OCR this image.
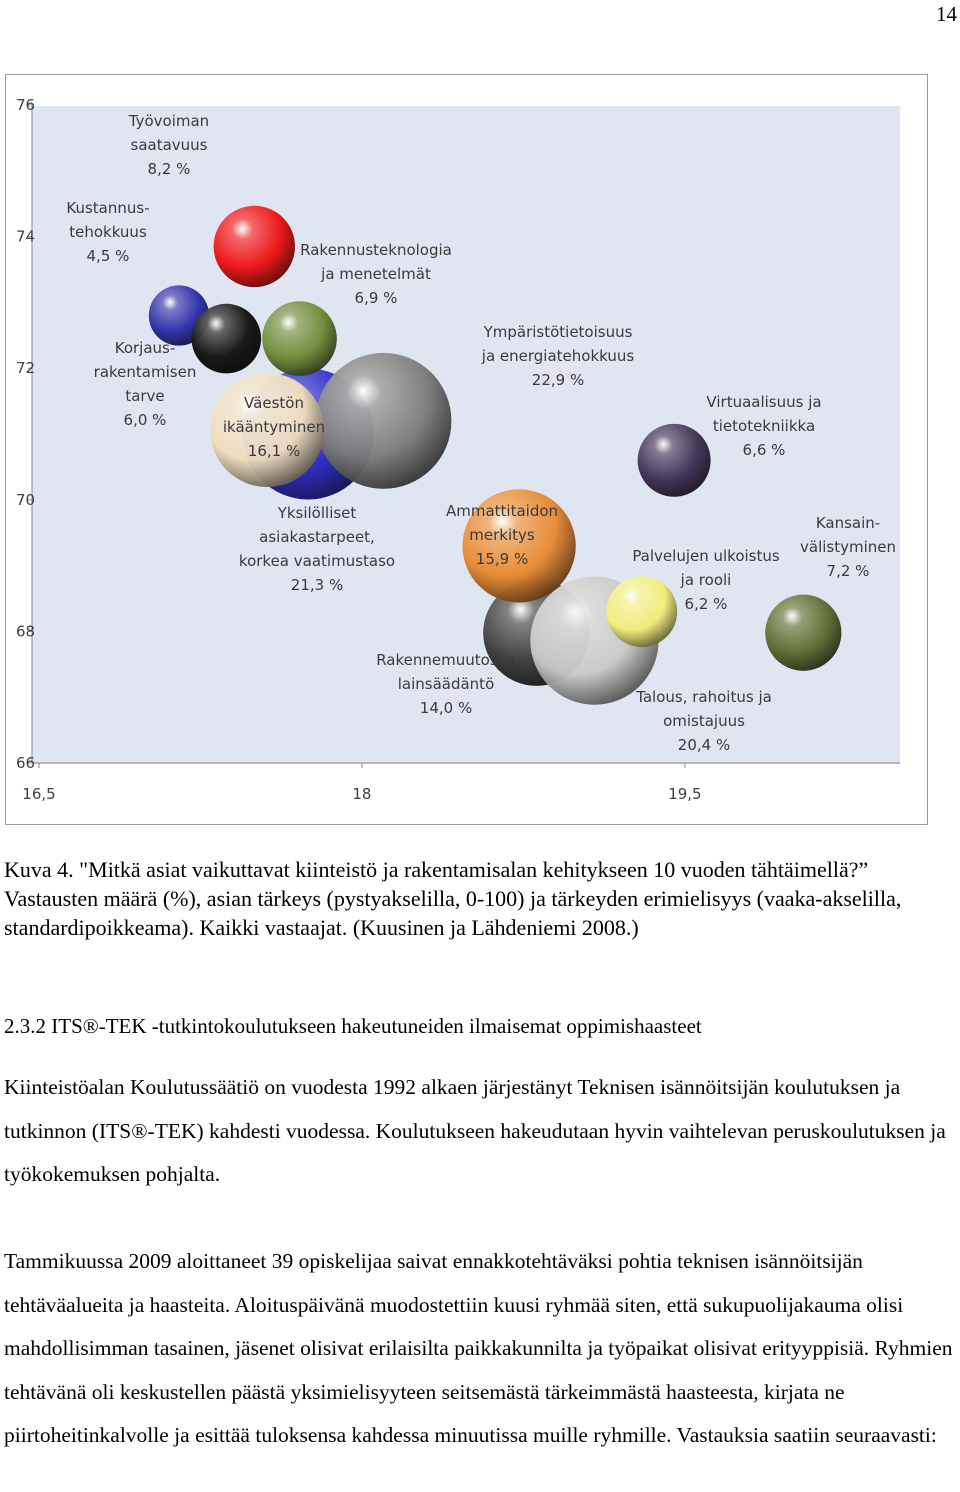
14
76
74
72
70
68
66
16,5	18	19,5
Rakennemuutos ja lainsäädäntö 14,0 %
Talous, rahoitus ja omistajuus 20,4 %
Palvelujen ulkoistus ja rooli 6,2 %
Kansain-välistyminen 7,2 %
Virtuaalisuus ja tietotekniikka 6,6 %
Ammattitaidon merkitys 15,9 %
Yksilölliset asiakastarpeet, korkea vaatimustaso 21,3 %
Ympäristötietoisuus ja energiatehokkuus 22,9 %
Kustannus-tehokkuus 4,5 %
Työvoiman saatavuus 8,2 %
Korjaus-rakentamisen tarve 6,0 %
Rakennusteknologia ja menetelmät 6,9 %
Väestön ikääntyminen 16,1 %

Kuva 4. "Mitkä asiat vaikuttavat kiinteistö ja rakentamisalan kehitykseen 10 vuoden tähtäimellä?” Vastausten määrä (%), asian tärkeys (pystyakselilla, 0-100) ja tärkeyden erimielisyys (vaaka-akselilla, standardipoikkeama). Kaikki vastaajat. (Kuusinen ja Lähdeniemi 2008.)

2.3.2 ITS®-TEK -tutkintokoulutukseen hakeutuneiden ilmaisemat oppimishaasteet

Kiinteistöalan Koulutussäätiö on vuodesta 1992 alkaen järjestänyt Teknisen isännöitsijän koulutuksen ja tutkinnon (ITS®-TEK) kahdesti vuodessa. Koulutukseen hakeudutaan hyvin vaihtelevan peruskoulutuksen ja työkokemuksen pohjalta.

Tammikuussa 2009 aloittaneet 39 opiskelijaa saivat ennakkotehtäväksi pohtia teknisen isännöitsijän tehtäväalueita ja haasteita. Aloituspäivänä muodostettiin kuusi ryhmää siten, että sukupuolijakauma olisi mahdollisimman tasainen, jäsenet olisivat erilaisilta paikkakunnilta ja työpaikat olisivat erityyppisiä. Ryhmien tehtävänä oli keskustellen päästä yksimielisyyteen seitsemästä tärkeimmästä haasteesta, kirjata ne piirtoheitinkalvolle ja esittää tuloksensa kahdessa minuutissa muille ryhmille. Vastauksia saatiin seuraavasti:
